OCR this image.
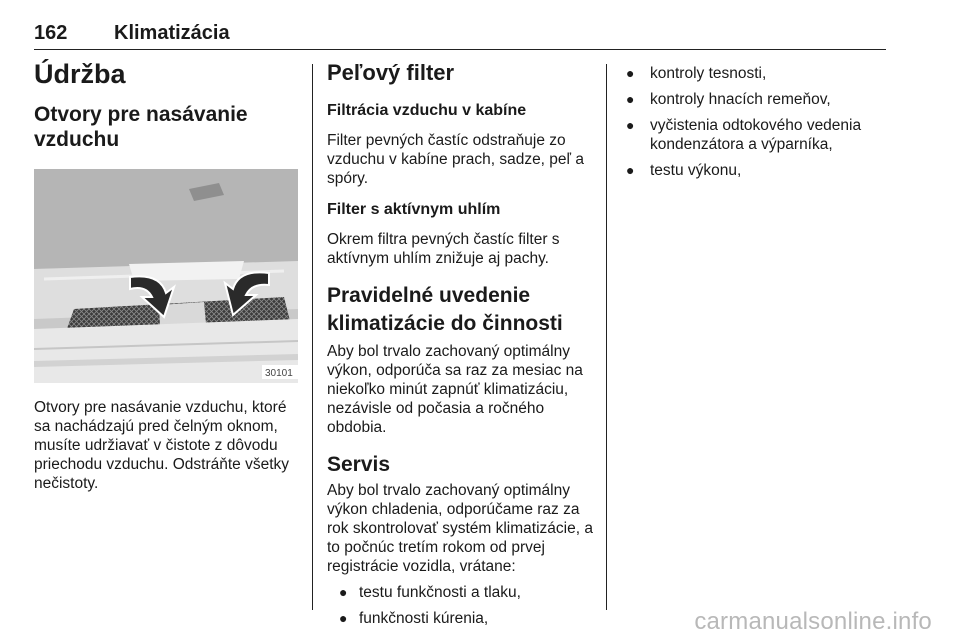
162 Klimatizácia
Údržba
Otvory pre nasávanie vzduchu
30101

Otvory pre nasávanie vzduchu, ktoré sa nachádzajú pred čelným oknom, musíte udržiavať v čistote z dôvodu priechodu vzduchu. Odstráňte všetky nečistoty.

Peľový filter
Filtrácia vzduchu v kabíne

Filter pevných častíc odstraňuje zo vzduchu v kabíne prach, sadze, peľ a spóry.

Filter s aktívnym uhlím

Okrem filtra pevných častíc filter s aktívnym uhlím znižuje aj pachy.

Pravidelné uvedenie klimatizácie do činnosti

Aby bol trvalo zachovaný optimálny výkon, odporúča sa raz za mesiac na niekoľko minút zapnúť klimatizáciu, nezávisle od počasia a ročného obdobia.

Servis

Aby bol trvalo zachovaný optimálny výkon chladenia, odporúčame raz za rok skontrolovať systém klimatizácie, a to počnúc tretím rokom od prvej registrácie vozidla, vrátane:

● testu funkčnosti a tlaku,
● funkčnosti kúrenia,
● kontroly tesnosti,
● kontroly hnacích remeňov,
● vyčistenia odtokového vedenia kondenzátora a výparníka,
● testu výkonu,
carmanualsonline.info
